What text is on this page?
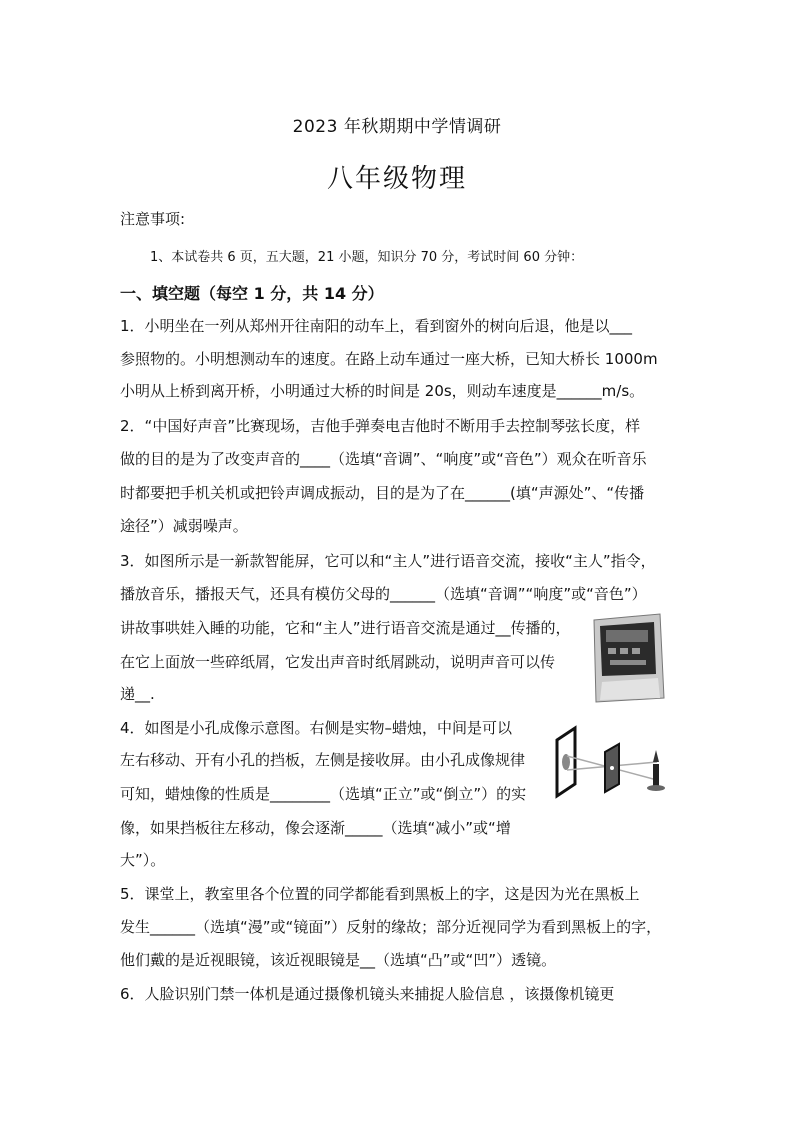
2023 年秋期期中学情调研
八年级物理
注意事项:
1、本试卷共 6 页，五大题，21 小题，知识分 70 分，考试时间 60 分钟：
一、填空题（每空 1 分，共 14 分）
1．小明坐在一列从郑州开往南阳的动车上，看到窗外的树向后退，他是以___
参照物的。小明想测动车的速度。在路上动车通过一座大桥，已知大桥长 1000m
小明从上桥到离开桥，小明通过大桥的时间是 20s，则动车速度是______m/s。
2．“中国好声音”比赛现场，吉他手弹奏电吉他时不断用手去控制琴弦长度，样
做的目的是为了改变声音的____（选填“音调”、“响度”或“音色”）观众在听音乐
时都要把手机关机或把铃声调成振动，目的是为了在______(填“声源处”、“传播
途径”）减弱噪声。
3．如图所示是一新款智能屏，它可以和“主人”进行语音交流，接收“主人”指令，
播放音乐，播报天气，还具有模仿父母的______（选填“音调”“响度”或“音色”）
讲故事哄娃入睡的功能，它和“主人”进行语音交流是通过__传播的，
在它上面放一些碎纸屑，它发出声音时纸屑跳动，说明声音可以传
递__.
4．如图是小孔成像示意图。右侧是实物–蜡烛，中间是可以
左右移动、开有小孔的挡板，左侧是接收屏。由小孔成像规律
可知，蜡烛像的性质是________（选填“正立”或“倒立”）的实
像，如果挡板往左移动，像会逐渐_____（选填“减小”或“增
大”）。
5．课堂上，教室里各个位置的同学都能看到黑板上的字，这是因为光在黑板上
发生______（选填“漫”或“镜面”）反射的缘故；部分近视同学为看到黑板上的字，
他们戴的是近视眼镜，该近视眼镜是__（选填“凸”或“凹”）透镜。
6．人脸识别门禁一体机是通过摄像机镜头来捕捉人脸信息 ，该摄像机镜更
